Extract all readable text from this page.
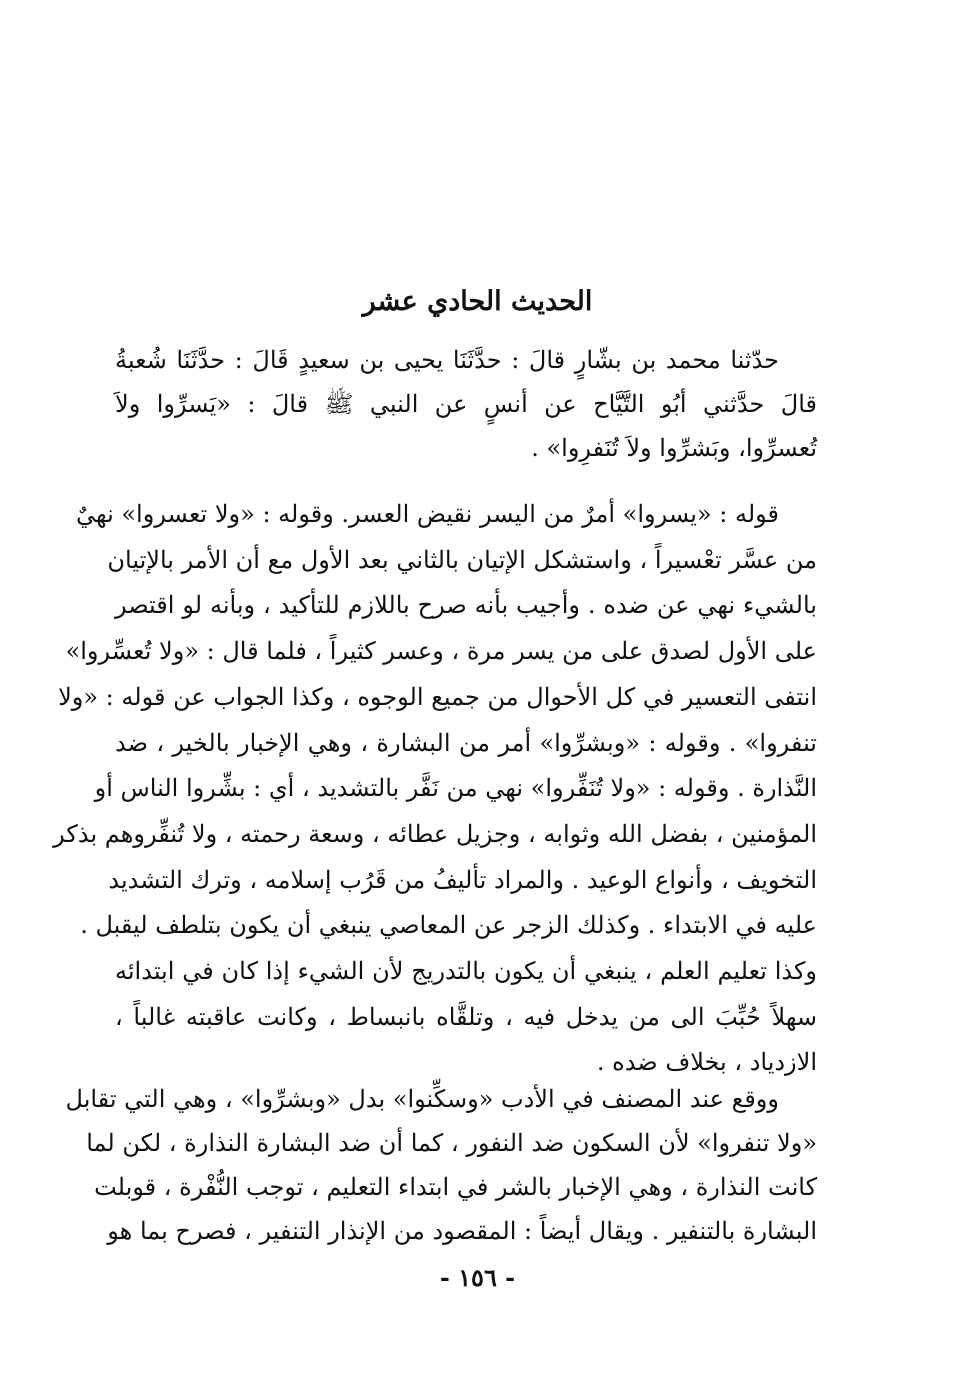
الحديث الحادي عشر
حدّثنا محمد بن بشّارٍ قالَ : حدَّثَنَا يحيى بن سعيدٍ قَالَ : حدَّثَنَا شُعبةُ
قالَ حدَّثني أبُو التَّيَّاح عن أنسٍ عن النبي ﷺ قالَ : «يَسرِّوا ولاَ
تُعسرِّوا، وبَشرِّوا ولاَ تُنَفرِوا» .
قوله : «يسروا» أمرٌ من اليسر نقيض العسر. وقوله : «ولا تعسروا» نهيٌ
من عسَّر تعْسيراً ، واستشكل الإتيان بالثاني بعد الأول مع أن الأمر بالإتيان
بالشيء نهي عن ضده . وأجيب بأنه صرح باللازم للتأكيد ، وبأنه لو اقتصر
على الأول لصدق على من يسر مرة ، وعسر كثيراً ، فلما قال : «ولا تُعسِّروا»
انتفى التعسير في كل الأحوال من جميع الوجوه ، وكذا الجواب عن قوله : «ولا
تنفروا» . وقوله : «وبشرِّوا» أمر من البشارة ، وهي الإخبار بالخير ، ضد
النَّذارة . وقوله : «ولا تُنَفِّروا» نهي من نَفَّر بالتشديد ، أي : بشِّروا الناس أو
المؤمنين ، بفضل الله وثوابه ، وجزيل عطائه ، وسعة رحمته ، ولا تُنفِّروهم بذكر
التخويف ، وأنواع الوعيد . والمراد تأليفُ من قَرُب إسلامه ، وترك التشديد
عليه في الابتداء . وكذلك الزجر عن المعاصي ينبغي أن يكون بتلطف ليقبل .
وكذا تعليم العلم ، ينبغي أن يكون بالتدريج لأن الشيء إذا كان في ابتدائه
سهلاً حُبِّبَ الى من يدخل فيه ، وتلقَّاه بانبساط ، وكانت عاقبته غالباً ،
الازدياد ، بخلاف ضده .
ووقع عند المصنف في الأدب «وسكِّنوا» بدل «وبشرِّوا» ، وهي التي تقابل
«ولا تنفروا» لأن السكون ضد النفور ، كما أن ضد البشارة النذارة ، لكن لما
كانت النذارة ، وهي الإخبار بالشر في ابتداء التعليم ، توجب النُّفْرة ، قوبلت
البشارة بالتنفير . ويقال أيضاً : المقصود من الإنذار التنفير ، فصرح بما هو
- ١٥٦ -
